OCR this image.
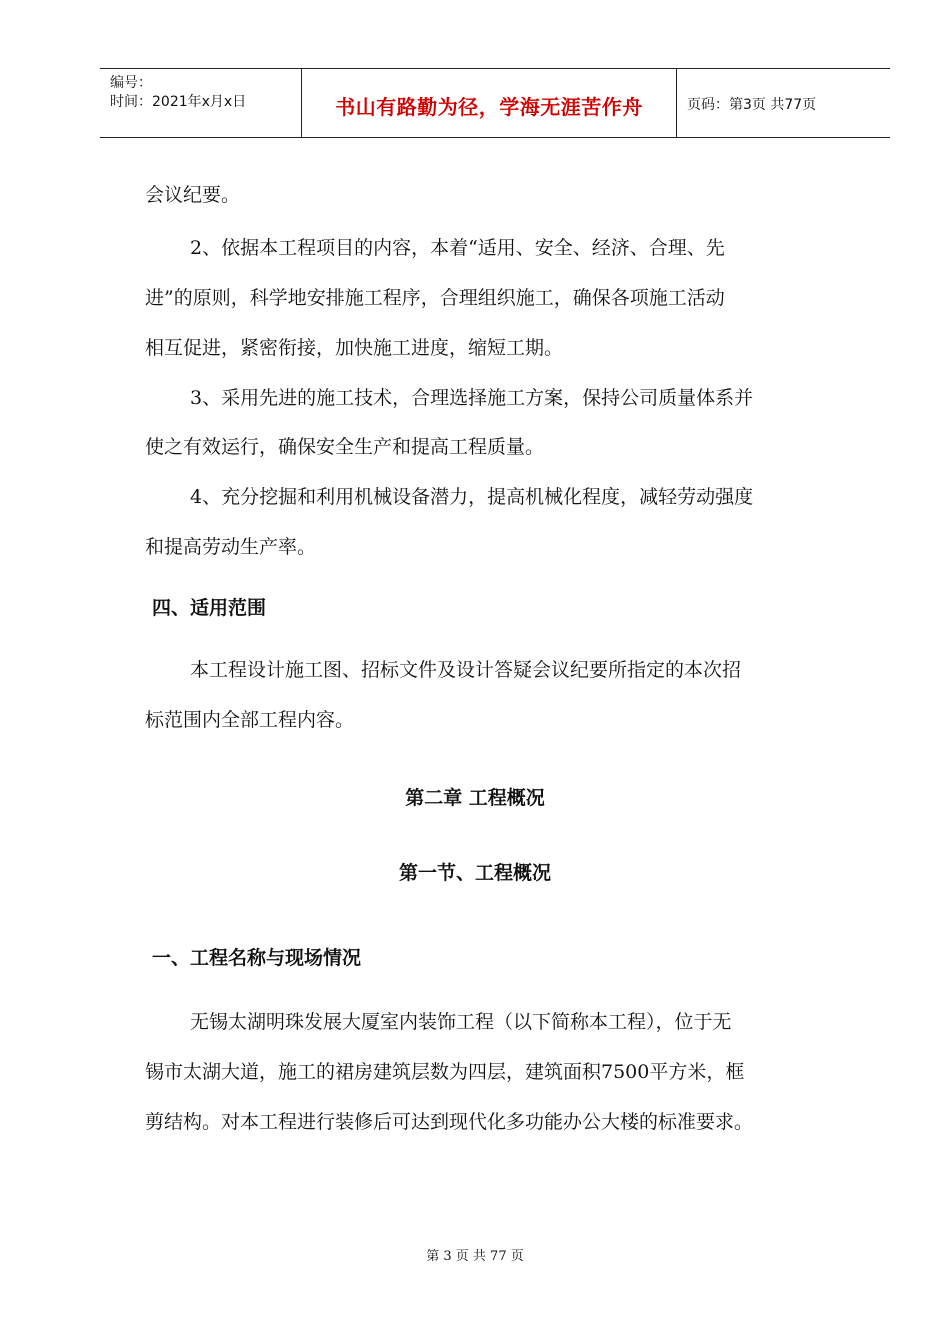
编号：
时间：2021年x月x日	书山有路勤为径，学海无涯苦作舟	页码：第3页 共77页
会议纪要。
2、依据本工程项目的内容，本着“适用、安全、经济、合理、先
进”的原则，科学地安排施工程序，合理组织施工，确保各项施工活动
相互促进，紧密衔接，加快施工进度，缩短工期。
3、采用先进的施工技术，合理选择施工方案，保持公司质量体系并
使之有效运行，确保安全生产和提高工程质量。
4、充分挖掘和利用机械设备潜力，提高机械化程度，减轻劳动强度
和提高劳动生产率。
四、适用范围
本工程设计施工图、招标文件及设计答疑会议纪要所指定的本次招
标范围内全部工程内容。
第二章 工程概况
第一节、工程概况
一、工程名称与现场情况
无锡太湖明珠发展大厦室内装饰工程（以下简称本工程），位于无
锡市太湖大道，施工的裙房建筑层数为四层，建筑面积7500平方米，框
剪结构。对本工程进行装修后可达到现代化多功能办公大楼的标准要求。
第 3 页 共 77 页
